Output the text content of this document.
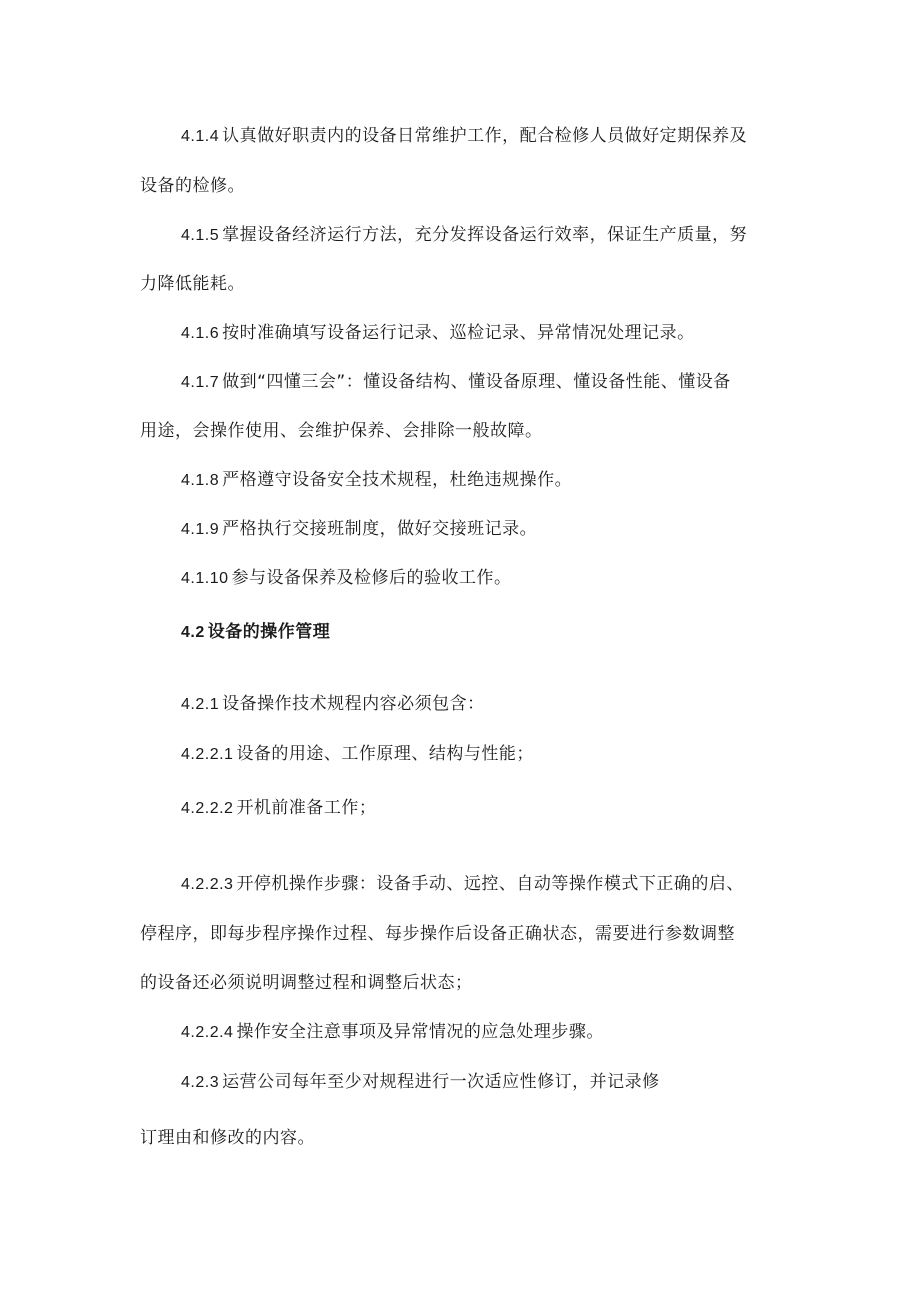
4.1.4 认真做好职责内的设备日常维护工作，配合检修人员做好定期保养及
设备的检修。
4.1.5 掌握设备经济运行方法，充分发挥设备运行效率，保证生产质量，努
力降低能耗。
4.1.6 按时准确填写设备运行记录、巡检记录、异常情况处理记录。
4.1.7 做到“四懂三会”：懂设备结构、懂设备原理、懂设备性能、懂设备
用途，会操作使用、会维护保养、会排除一般故障。
4.1.8 严格遵守设备安全技术规程，杜绝违规操作。
4.1.9 严格执行交接班制度，做好交接班记录。
4.1.10 参与设备保养及检修后的验收工作。
4.2 设备的操作管理
4.2.1 设备操作技术规程内容必须包含：
4.2.2.1 设备的用途、工作原理、结构与性能；
4.2.2.2 开机前准备工作；
4.2.2.3 开停机操作步骤：设备手动、远控、自动等操作模式下正确的启、
停程序，即每步程序操作过程、每步操作后设备正确状态，需要进行参数调整
的设备还必须说明调整过程和调整后状态；
4.2.2.4 操作安全注意事项及异常情况的应急处理步骤。
4.2.3 运营公司每年至少对规程进行一次适应性修订，并记录修
订理由和修改的内容。
